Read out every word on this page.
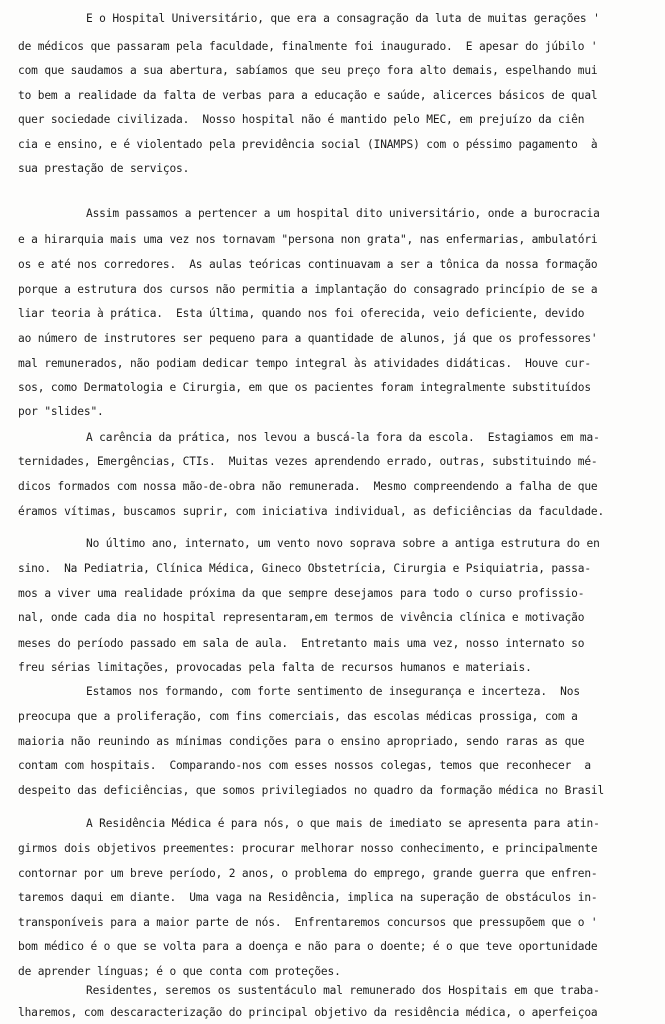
E o Hospital Universitário, que era a consagração da luta de muitas gerações '
de médicos que passaram pela faculdade, finalmente foi inaugurado.  E apesar do júbilo '
com que saudamos a sua abertura, sabíamos que seu preço fora alto demais, espelhando mui
to bem a realidade da falta de verbas para a educação e saúde, alicerces básicos de qual
quer sociedade civilizada.  Nosso hospital não é mantido pelo MEC, em prejuízo da ciên
cia e ensino, e é violentado pela previdência social (INAMPS) com o péssimo pagamento  à
sua prestação de serviços.
Assim passamos a pertencer a um hospital dito universitário, onde a burocracia
e a hirarquia mais uma vez nos tornavam "persona non grata", nas enfermarias, ambulatóri
os e até nos corredores.  As aulas teóricas continuavam a ser a tônica da nossa formação
porque a estrutura dos cursos não permitia a implantação do consagrado princípio de se a
liar teoria à prática.  Esta última, quando nos foi oferecida, veio deficiente, devido
ao número de instrutores ser pequeno para a quantidade de alunos, já que os professores'
mal remunerados, não podiam dedicar tempo integral às atividades didáticas.  Houve cur-
sos, como Dermatologia e Cirurgia, em que os pacientes foram integralmente substituídos
por "slides".
A carência da prática, nos levou a buscá-la fora da escola.  Estagiamos em ma-
ternidades, Emergências, CTIs.  Muitas vezes aprendendo errado, outras, substituindo mé-
dicos formados com nossa mão-de-obra não remunerada.  Mesmo compreendendo a falha de que
éramos vítimas, buscamos suprir, com iniciativa individual, as deficiências da faculdade.
No último ano, internato, um vento novo soprava sobre a antiga estrutura do en
sino.  Na Pediatria, Clínica Médica, Gineco Obstetrícia, Cirurgia e Psiquiatria, passa-
mos a viver uma realidade próxima da que sempre desejamos para todo o curso profissio-
nal, onde cada dia no hospital representaram,em termos de vivência clínica e motivação
meses do período passado em sala de aula.  Entretanto mais uma vez, nosso internato so
freu sérias limitações, provocadas pela falta de recursos humanos e materiais.
Estamos nos formando, com forte sentimento de insegurança e incerteza.  Nos
preocupa que a proliferação, com fins comerciais, das escolas médicas prossiga, com a
maioria não reunindo as mínimas condições para o ensino apropriado, sendo raras as que
contam com hospitais.  Comparando-nos com esses nossos colegas, temos que reconhecer  a
despeito das deficiências, que somos privilegiados no quadro da formação médica no Brasil
A Residência Médica é para nós, o que mais de imediato se apresenta para atin-
girmos dois objetivos preementes: procurar melhorar nosso conhecimento, e principalmente
contornar por um breve período, 2 anos, o problema do emprego, grande guerra que enfren-
taremos daqui em diante.  Uma vaga na Residência, implica na superação de obstáculos in-
transponíveis para a maior parte de nós.  Enfrentaremos concursos que pressupõem que o '
bom médico é o que se volta para a doença e não para o doente; é o que teve oportunidade
de aprender línguas; é o que conta com proteções.
Residentes, seremos os sustentáculo mal remunerado dos Hospitais em que traba-
lharemos, com descaracterização do principal objetivo da residência médica, o aperfeiçoa
